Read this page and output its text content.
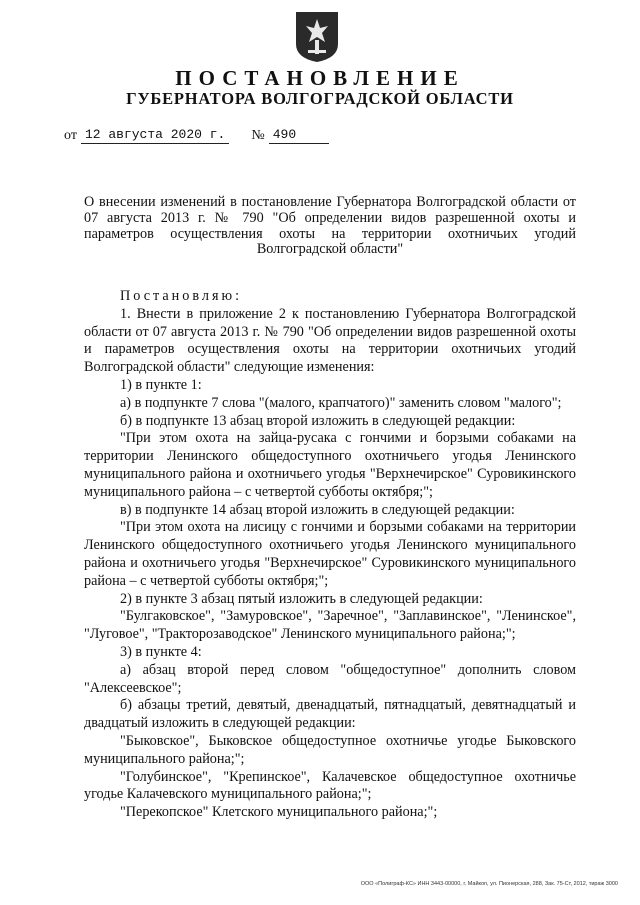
ПОСТАНОВЛЕНИЕ
ГУБЕРНАТОРА ВОЛГОГРАДСКОЙ ОБЛАСТИ
от 12 августа 2020 г. № 490

О внесении изменений в постановление Губернатора Волгоградской области от 07 августа 2013 г. № 790 "Об определении видов разрешенной охоты и параметров осуществления охоты на территории охотничьих угодий Волгоградской области"

Постановляю:

1. Внести в приложение 2 к постановлению Губернатора Волгоградской области от 07 августа 2013 г. № 790 "Об определении видов разрешенной охоты и параметров осуществления охоты на территории охотничьих угодий Волгоградской области" следующие изменения:

1) в пункте 1:

а) в подпункте 7 слова "(малого, крапчатого)" заменить словом "малого";

б) в подпункте 13 абзац второй изложить в следующей редакции:

"При этом охота на зайца-русака с гончими и борзыми собаками на территории Ленинского общедоступного охотничьего угодья Ленинского муниципального района и охотничьего угодья "Верхнечирское" Суровикинского муниципального района – с четвертой субботы октября;";

в) в подпункте 14 абзац второй изложить в следующей редакции:

"При этом охота на лисицу с гончими и борзыми собаками на территории Ленинского общедоступного охотничьего угодья Ленинского муниципального района и охотничьего угодья "Верхнечирское" Суровикинского муниципального района – с четвертой субботы октября;";

2) в пункте 3 абзац пятый изложить в следующей редакции:

"Булгаковское", "Замуровское", "Заречное", "Заплавинское", "Ленинское", "Луговое", "Тракторозаводское" Ленинского муниципального района;";

3) в пункте 4:

а) абзац второй перед словом "общедоступное" дополнить словом "Алексеевское";

б) абзацы третий, девятый, двенадцатый, пятнадцатый, девятнадцатый и двадцатый изложить в следующей редакции:

"Быковское", Быковское общедоступное охотничье угодье Быковского муниципального района;";

"Голубинское", "Крепинское", Калачевское общедоступное охотничье угодье Калачевского муниципального района;";

"Перекопское" Клетского муниципального района;";

ООО «Полиграф-КС» ИНН 3443-00000, г. Майкоп, ул. Пионерская, 288, Зак. 75-Ст, 2012, тираж 3000
